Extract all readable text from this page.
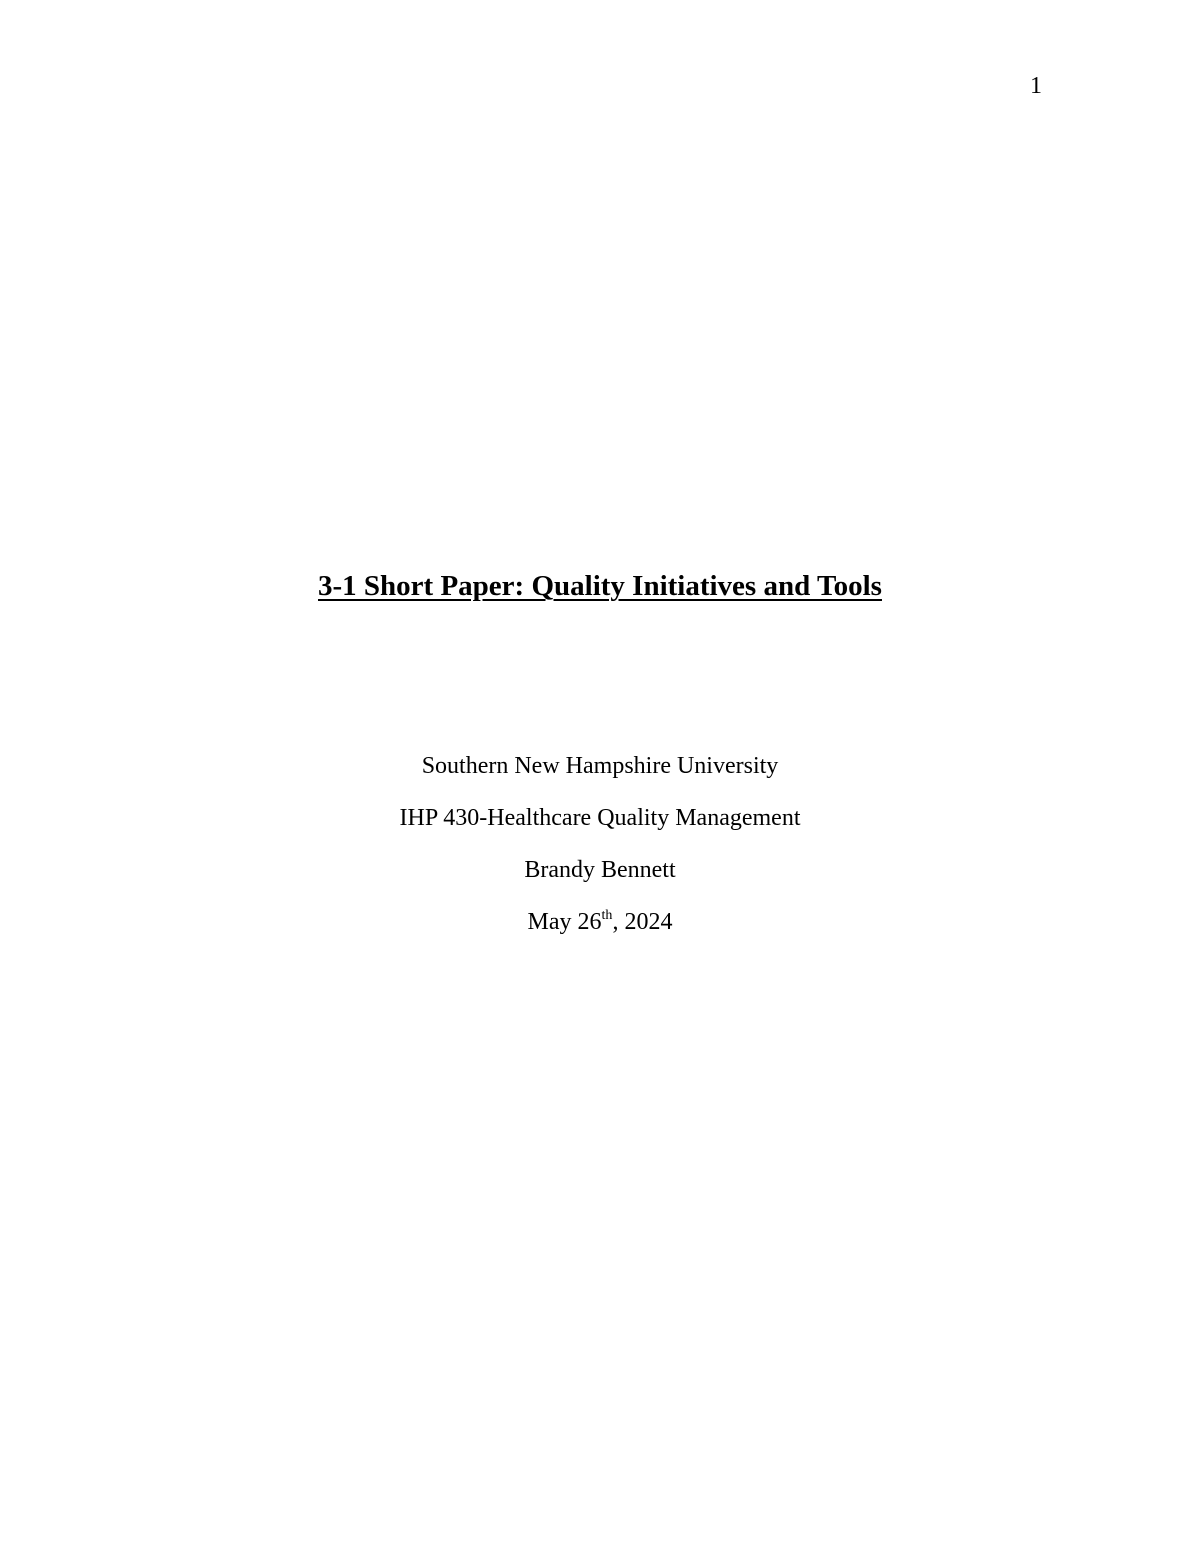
1
3-1 Short Paper: Quality Initiatives and Tools
Southern New Hampshire University
IHP 430-Healthcare Quality Management
Brandy Bennett
May 26th, 2024
